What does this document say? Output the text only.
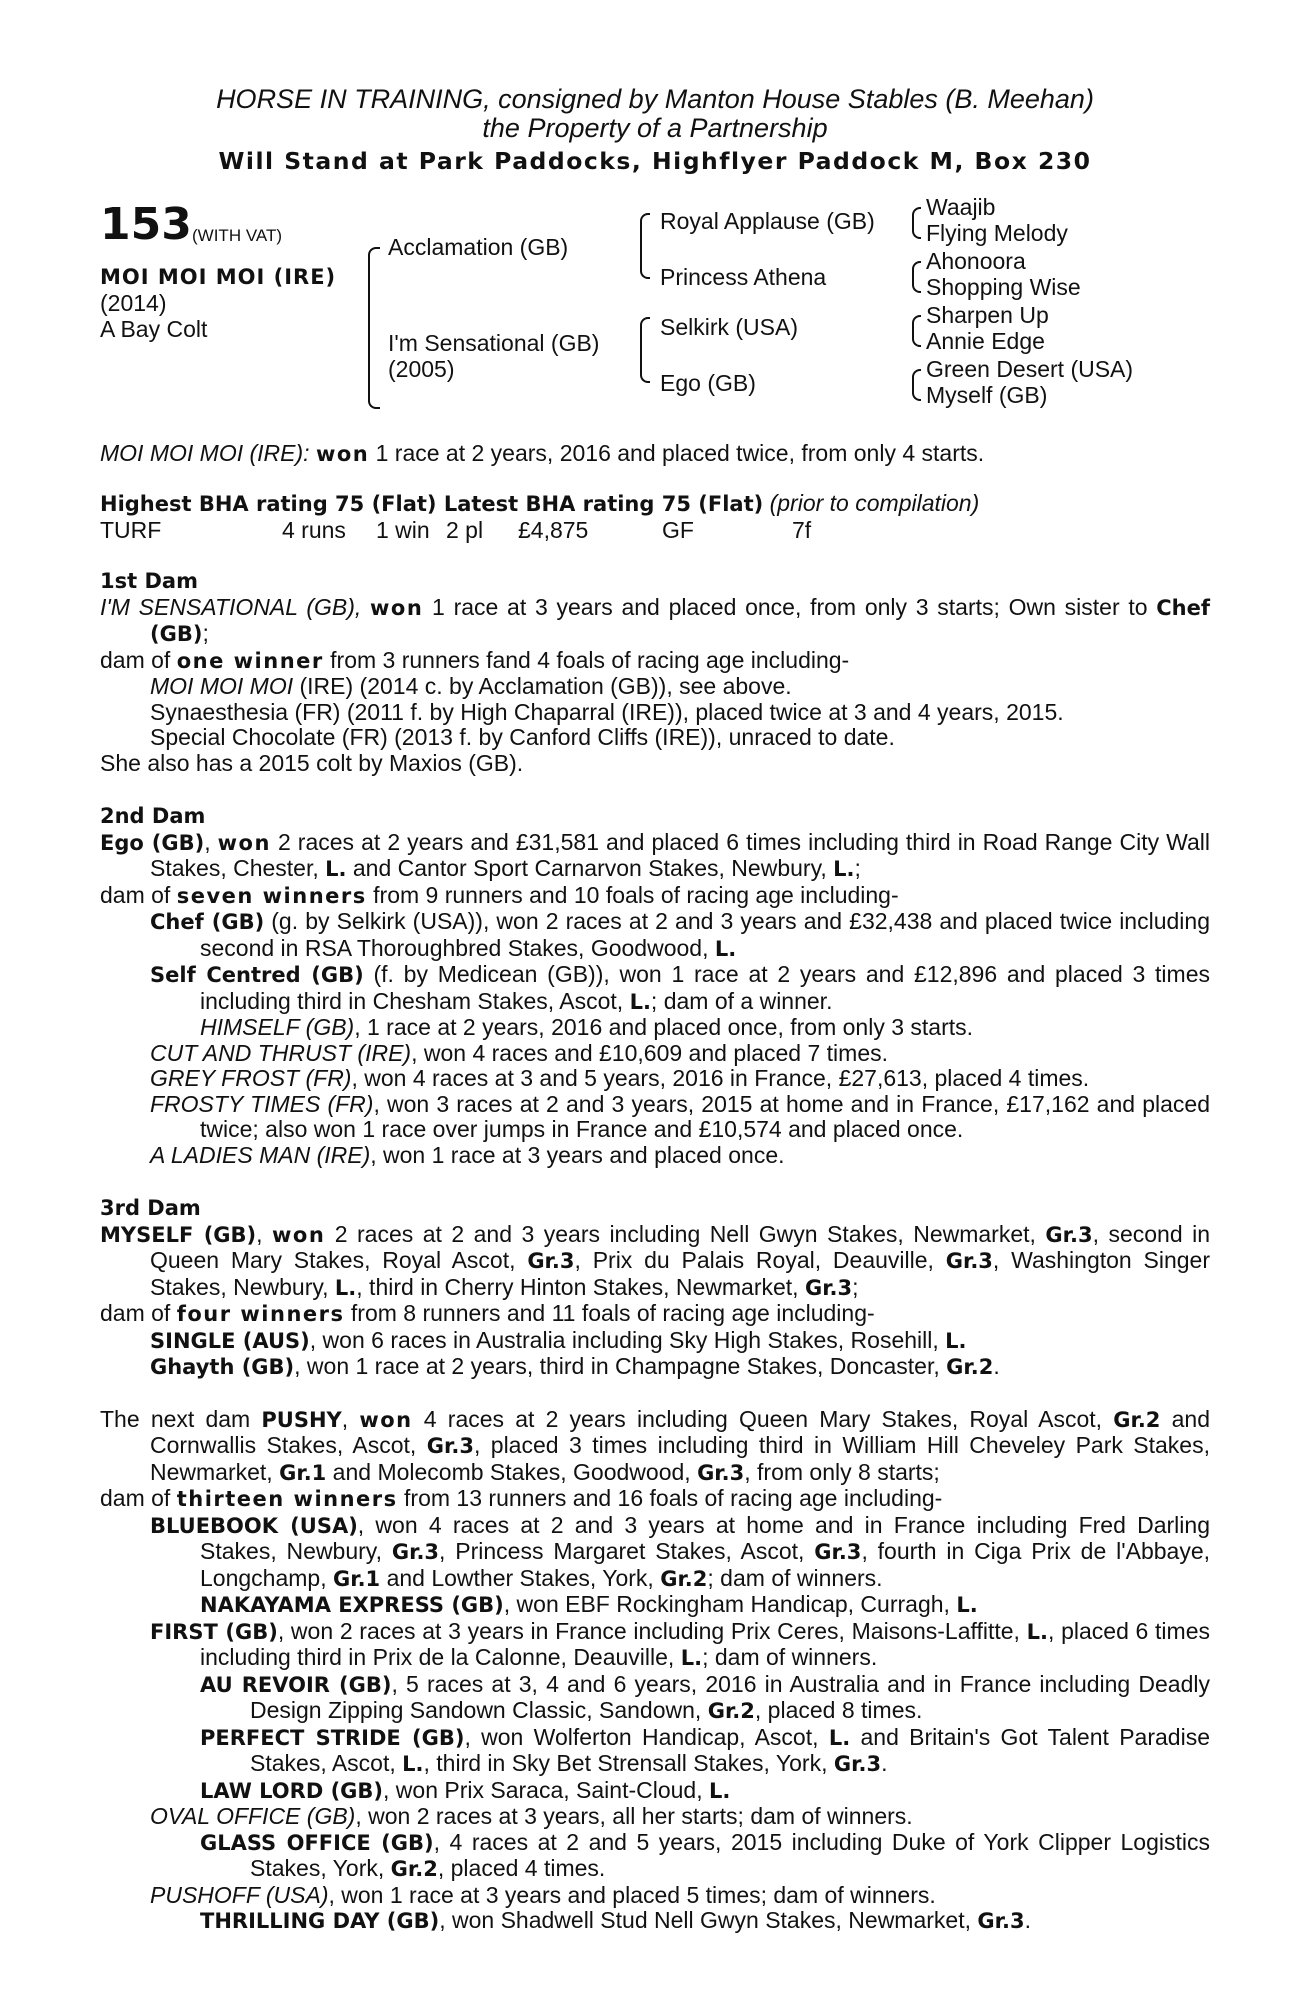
HORSE IN TRAINING, consigned by Manton House Stables (B. Meehan)
the Property of a Partnership
Will Stand at Park Paddocks, Highflyer Paddock M, Box 230
153 (WITH VAT)
MOI MOI MOI (IRE)
(2014)
A Bay Colt
Acclamation (GB)
I'm Sensational (GB)
(2005)
Royal Applause (GB)
Princess Athena
Selkirk (USA)
Ego (GB)
Waajib
Flying Melody
Ahonoora
Shopping Wise
Sharpen Up
Annie Edge
Green Desert (USA)
Myself (GB)

MOI MOI MOI (IRE): won 1 race at 2 years, 2016 and placed twice, from only 4 starts.

Highest BHA rating 75 (Flat) Latest BHA rating 75 (Flat) (prior to compilation)

TURF	4 runs 1 win 2 pl £4,875	GF	7f

1st Dam

I'M SENSATIONAL (GB), won 1 race at 3 years and placed once, from only 3 starts; Own sister to Chef (GB);

dam of one winner from 3 runners fand 4 foals of racing age including-

MOI MOI MOI (IRE) (2014 c. by Acclamation (GB)), see above.

Synaesthesia (FR) (2011 f. by High Chaparral (IRE)), placed twice at 3 and 4 years, 2015.

Special Chocolate (FR) (2013 f. by Canford Cliffs (IRE)), unraced to date.

She also has a 2015 colt by Maxios (GB).

2nd Dam

Ego (GB), won 2 races at 2 years and £31,581 and placed 6 times including third in Road Range City Wall Stakes, Chester, L. and Cantor Sport Carnarvon Stakes, Newbury, L.;

dam of seven winners from 9 runners and 10 foals of racing age including-

Chef (GB) (g. by Selkirk (USA)), won 2 races at 2 and 3 years and £32,438 and placed twice including second in RSA Thoroughbred Stakes, Goodwood, L.

Self Centred (GB) (f. by Medicean (GB)), won 1 race at 2 years and £12,896 and placed 3 times including third in Chesham Stakes, Ascot, L.; dam of a winner.

HIMSELF (GB), 1 race at 2 years, 2016 and placed once, from only 3 starts.

CUT AND THRUST (IRE), won 4 races and £10,609 and placed 7 times.

GREY FROST (FR), won 4 races at 3 and 5 years, 2016 in France, £27,613, placed 4 times.

FROSTY TIMES (FR), won 3 races at 2 and 3 years, 2015 at home and in France, £17,162 and placed twice; also won 1 race over jumps in France and £10,574 and placed once.

A LADIES MAN (IRE), won 1 race at 3 years and placed once.

3rd Dam

MYSELF (GB), won 2 races at 2 and 3 years including Nell Gwyn Stakes, Newmarket, Gr.3, second in Queen Mary Stakes, Royal Ascot, Gr.3, Prix du Palais Royal, Deauville, Gr.3, Washington Singer Stakes, Newbury, L., third in Cherry Hinton Stakes, Newmarket, Gr.3;

dam of four winners from 8 runners and 11 foals of racing age including-

SINGLE (AUS), won 6 races in Australia including Sky High Stakes, Rosehill, L.

Ghayth (GB), won 1 race at 2 years, third in Champagne Stakes, Doncaster, Gr.2.

The next dam PUSHY, won 4 races at 2 years including Queen Mary Stakes, Royal Ascot, Gr.2 and Cornwallis Stakes, Ascot, Gr.3, placed 3 times including third in William Hill Cheveley Park Stakes, Newmarket, Gr.1 and Molecomb Stakes, Goodwood, Gr.3, from only 8 starts;

dam of thirteen winners from 13 runners and 16 foals of racing age including-

BLUEBOOK (USA), won 4 races at 2 and 3 years at home and in France including Fred Darling Stakes, Newbury, Gr.3, Princess Margaret Stakes, Ascot, Gr.3, fourth in Ciga Prix de l'Abbaye, Longchamp, Gr.1 and Lowther Stakes, York, Gr.2; dam of winners.

NAKAYAMA EXPRESS (GB), won EBF Rockingham Handicap, Curragh, L.

FIRST (GB), won 2 races at 3 years in France including Prix Ceres, Maisons-Laffitte, L., placed 6 times including third in Prix de la Calonne, Deauville, L.; dam of winners.

AU REVOIR (GB), 5 races at 3, 4 and 6 years, 2016 in Australia and in France including Deadly Design Zipping Sandown Classic, Sandown, Gr.2, placed 8 times.

PERFECT STRIDE (GB), won Wolferton Handicap, Ascot, L. and Britain's Got Talent Paradise Stakes, Ascot, L., third in Sky Bet Strensall Stakes, York, Gr.3.

LAW LORD (GB), won Prix Saraca, Saint-Cloud, L.

OVAL OFFICE (GB), won 2 races at 3 years, all her starts; dam of winners.

GLASS OFFICE (GB), 4 races at 2 and 5 years, 2015 including Duke of York Clipper Logistics Stakes, York, Gr.2, placed 4 times.

PUSHOFF (USA), won 1 race at 3 years and placed 5 times; dam of winners.

THRILLING DAY (GB), won Shadwell Stud Nell Gwyn Stakes, Newmarket, Gr.3.
